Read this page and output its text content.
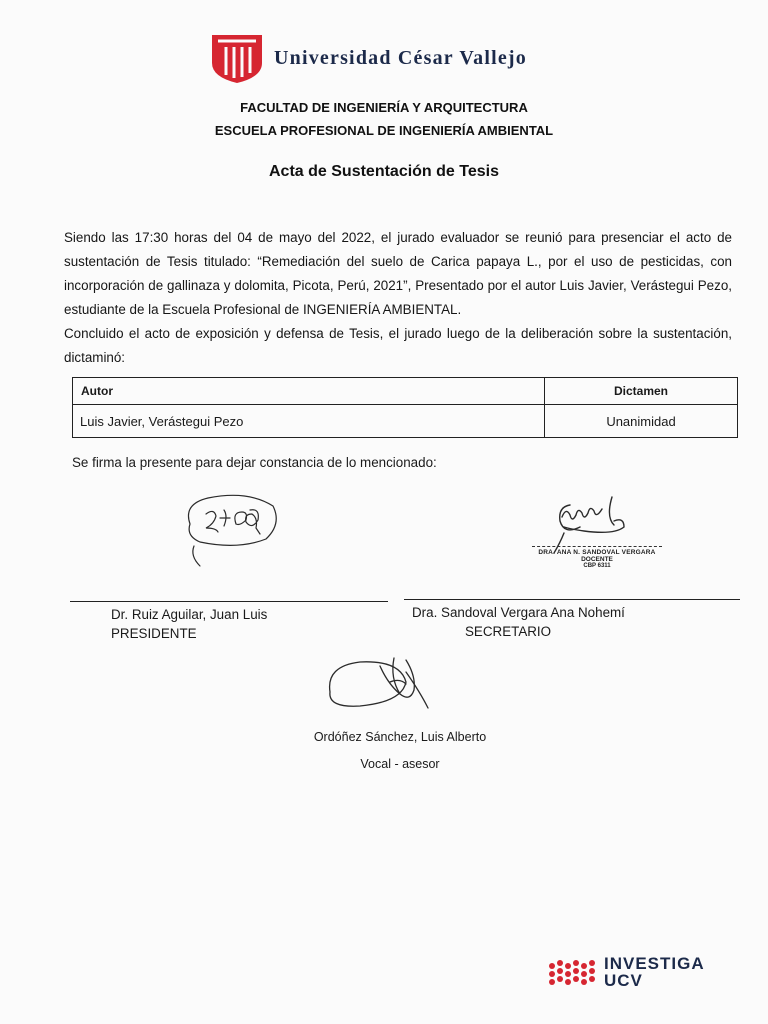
Universidad César Vallejo
FACULTAD DE INGENIERÍA Y ARQUITECTURA
ESCUELA PROFESIONAL DE INGENIERÍA AMBIENTAL
Acta de Sustentación de Tesis

Siendo las 17:30 horas del 04 de mayo del 2022, el jurado evaluador se reunió para presenciar el acto de sustentación de Tesis titulado: “Remediación del suelo de Carica papaya L., por el uso de pesticidas, con incorporación de gallinaza y dolomita, Picota, Perú, 2021”, Presentado por el autor Luis Javier, Verástegui Pezo, estudiante de la Escuela Profesional de INGENIERÍA AMBIENTAL.

Concluido el acto de exposición y defensa de Tesis, el jurado luego de la deliberación sobre la sustentación, dictaminó:

Autor	Dictamen
Luis Javier, Verástegui Pezo	Unanimidad
Se firma la presente para dejar constancia de lo mencionado:
DRA. ANA N. SANDOVAL VERGARA
DOCENTE
CBP 6311
Dr. Ruiz Aguilar, Juan Luis
PRESIDENTE
Dra. Sandoval Vergara Ana Nohemí
SECRETARIO
Ordóñez Sánchez, Luis Alberto
Vocal - asesor
INVESTIGA
UCV
